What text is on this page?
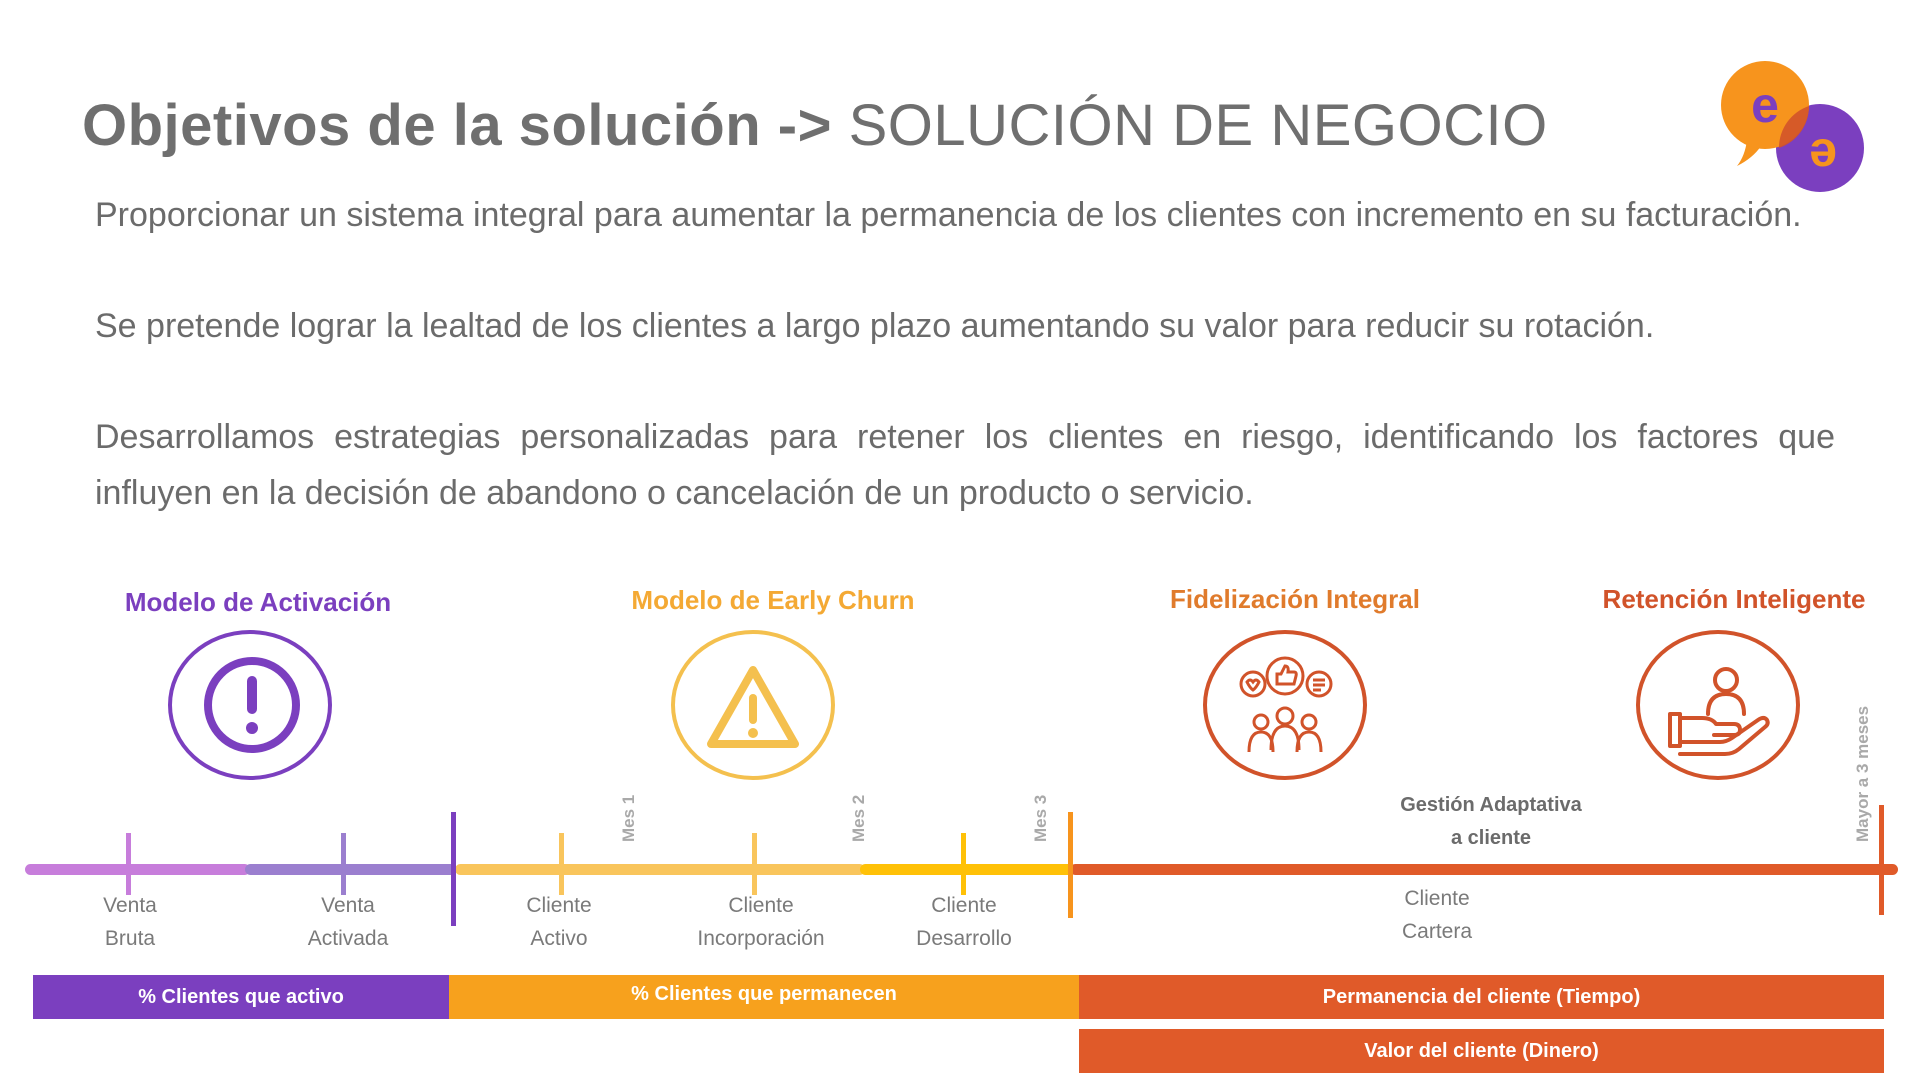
Objetivos de la solución -> SOLUCIÓN DE NEGOCIO	e
ə
Proporcionar un sistema integral para aumentar la permanencia de los clientes con incremento en su facturación.
Se pretende lograr la lealtad de los clientes a largo plazo aumentando su valor para reducir su rotación.
Desarrollamos estrategias personalizadas para retener los clientes en riesgo, identificando los factores que influyen en la decisión de abandono o cancelación de un producto o servicio.
Modelo de Activación	Modelo de Early Churn	Fidelización Integral	Retención Inteligente
Mes 1	Mes 2	Mes 3	Mayor a 3 meses
Gestión Adaptativa
a cliente
Venta
Bruta
Venta
Activada
Cliente
Activo
Cliente
Incorporación
Cliente
Desarrollo
Cliente
Cartera
% Clientes que activo	% Clientes que permanecen	Permanencia del cliente (Tiempo)
Valor del cliente (Dinero)
